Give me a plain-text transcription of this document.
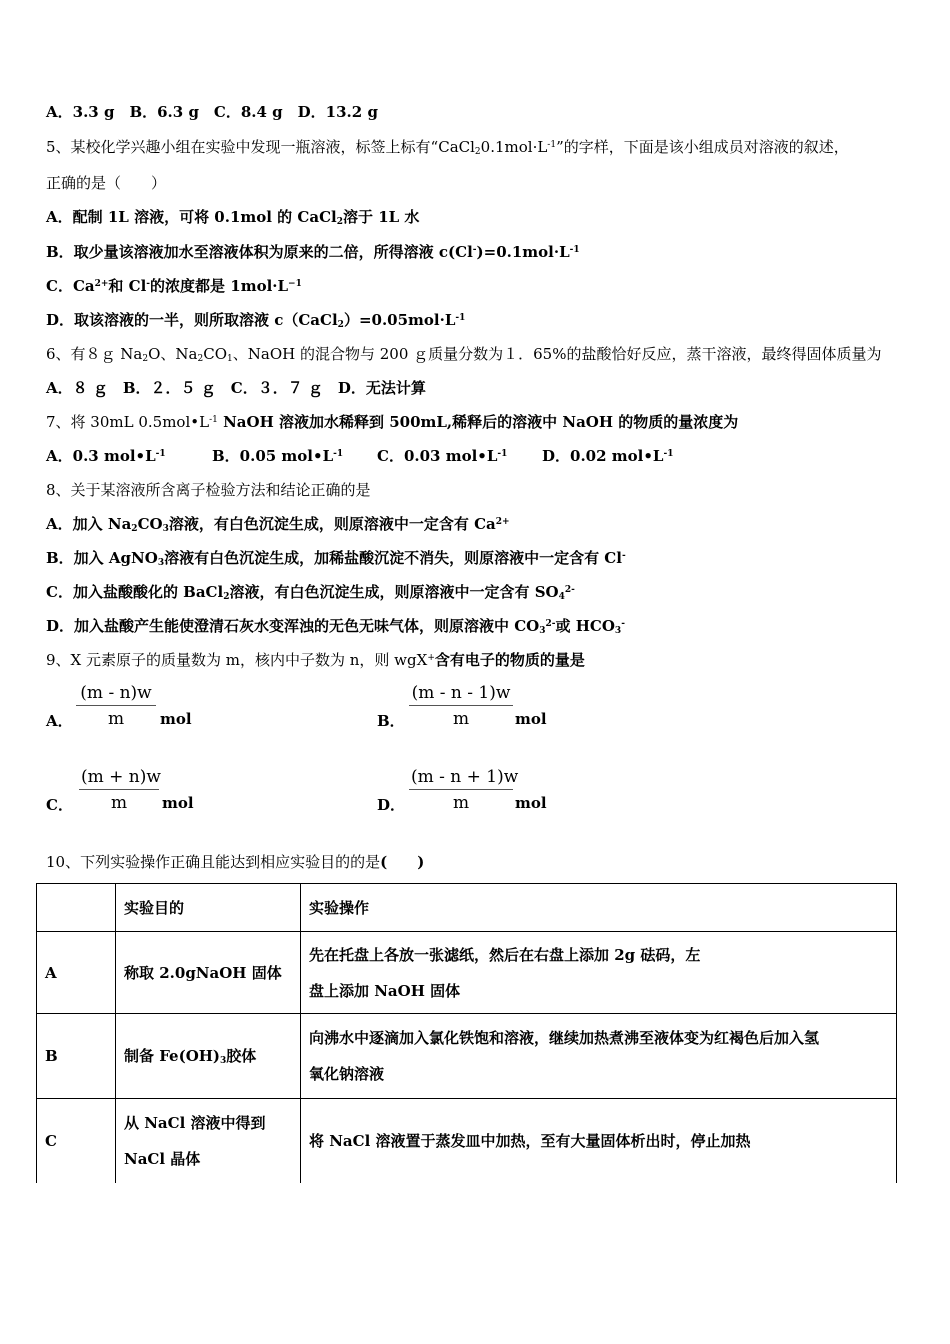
A．3.3 g　B．6.3 g　C．8.4 g　D．13.2 g
5、某校化学兴趣小组在实验中发现一瓶溶液，标签上标有“$CaCl_20.1mol\cdot L^{-1}$”的字样，下面是该小组成员对溶液的叙述，
正确的是（　　）
A．配制 1L 溶液，可将 0.1mol 的 CaCl$_2$溶于 1L 水
B．取少量该溶液加水至溶液体积为原来的二倍，所得溶液 $c(Cl^-)=0.1mol\cdot L^{-1}$
C．$Ca^{2+}$和 Cl-的浓度都是 $1mol\cdot L^{-1}$
D．取该溶液的一半，则所取溶液 $c(CaCl_2)=0.05mol\cdot L^{-1}$
6、有８ｇ $Na_2O$、$Na_2CO_1$、NaOH 的混合物与 200 ｇ质量分数为１．65%的盐酸恰好反应，蒸干溶液，最终得固体质量为
A．８ ｇ　B．２．５ ｇ　C．３．７ ｇ　D．无法计算
7、将 30mL $0.5mol•L^{-1}$ NaOH 溶液加水稀释到 500mL,稀释后的溶液中 NaOH 的物质的量浓度为
A．0.3 $mol•L^{-1}$	B．0.05 $mol•L^{-1}$ C．0.03 $mol•L^{-1}$ D．0.02 $mol•L^{-1}$
8、关于某溶液所含离子检验方法和结论正确的是
A．加入 $Na_2CO_3$溶液，有白色沉淀生成，则原溶液中一定含有 $Ca^{2+}$
B．加入 AgNO$_3$溶液有白色沉淀生成，加稀盐酸沉淀不消失，则原溶液中一定含有 Cl-
C．加入盐酸酸化的 BaCl$_2$溶液，有白色沉淀生成，则原溶液中一定含有 $SO_4^{2-}$
D．加入盐酸产生能使澄清石灰水变浑浊的无色无味气体，则原溶液中 $CO_3^{2-}$或 $HCO_3^-$
9、X 元素原子的质量数为 m，核内中子数为 n，则 wgX+含有电子的物质的量是
A．
(m - n)w
m	mol	B．
(m - n - 1)w
m	mol
C．
(m + n)w
m	mol	D．
(m - n + 1)w
m	mol
10、下列实验操作正确且能达到相应实验目的的是(　　)
	实验目的	实验操作
A	称取 2.0gNaOH 固体	先在托盘上各放一张滤纸，然后在右盘上添加 2g 砝码，左
盘上添加 NaOH 固体

B	制备 $Fe(OH)_3$胶体	向沸水中逐滴加入氯化铁饱和溶液，继续加热煮沸至液体变为红褐色后加入氢
氧化钠溶液

C	从 NaCl 溶液中得到
NaCl 晶体	将 NaCl 溶液置于蒸发皿中加热，至有大量固体析出时，停止加热
